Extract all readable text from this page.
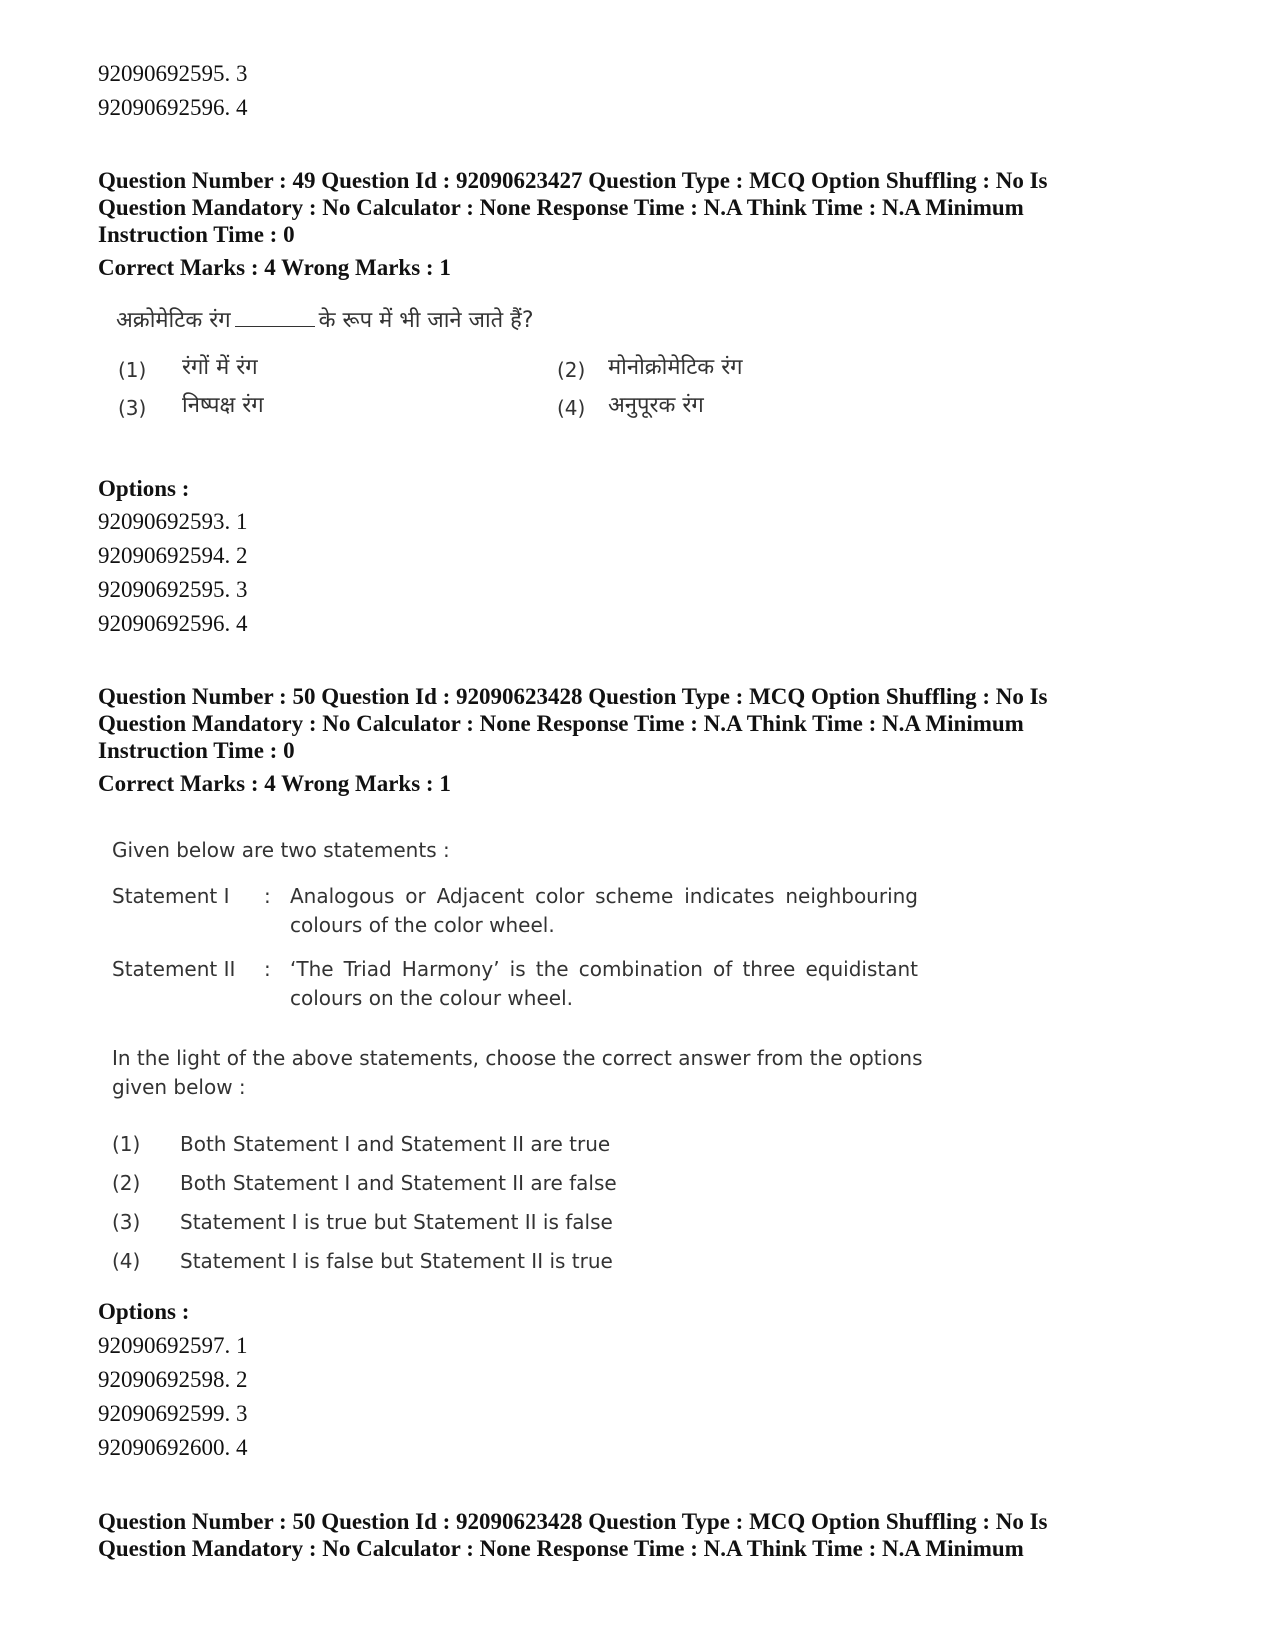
92090692595. 3
92090692596. 4
Question Number : 49 Question Id : 92090623427 Question Type : MCQ Option Shuffling : No Is
Question Mandatory : No Calculator : None Response Time : N.A Think Time : N.A Minimum
Instruction Time : 0
Correct Marks : 4 Wrong Marks : 1
अक्रोमेटिक रंग	के रूप में भी जाने जाते हैं?
(1) रंगों में रंग	(2) मोनोक्रोमेटिक रंग
(3) निष्पक्ष रंग	(4) अनुपूरक रंग
Options :
92090692593. 1
92090692594. 2
92090692595. 3
92090692596. 4
Question Number : 50 Question Id : 92090623428 Question Type : MCQ Option Shuffling : No Is
Question Mandatory : No Calculator : None Response Time : N.A Think Time : N.A Minimum
Instruction Time : 0
Correct Marks : 4 Wrong Marks : 1
Given below are two statements :
Statement I : Analogous or Adjacent color scheme indicates neighbouring
colours of the color wheel.
Statement II : ‘The Triad Harmony’ is the combination of three equidistant
colours on the colour wheel.
In the light of the above statements, choose the correct answer from the options
given below :
(1) Both Statement I and Statement II are true
(2) Both Statement I and Statement II are false
(3) Statement I is true but Statement II is false
(4) Statement I is false but Statement II is true
Options :
92090692597. 1
92090692598. 2
92090692599. 3
92090692600. 4
Question Number : 50 Question Id : 92090623428 Question Type : MCQ Option Shuffling : No Is
Question Mandatory : No Calculator : None Response Time : N.A Think Time : N.A Minimum
